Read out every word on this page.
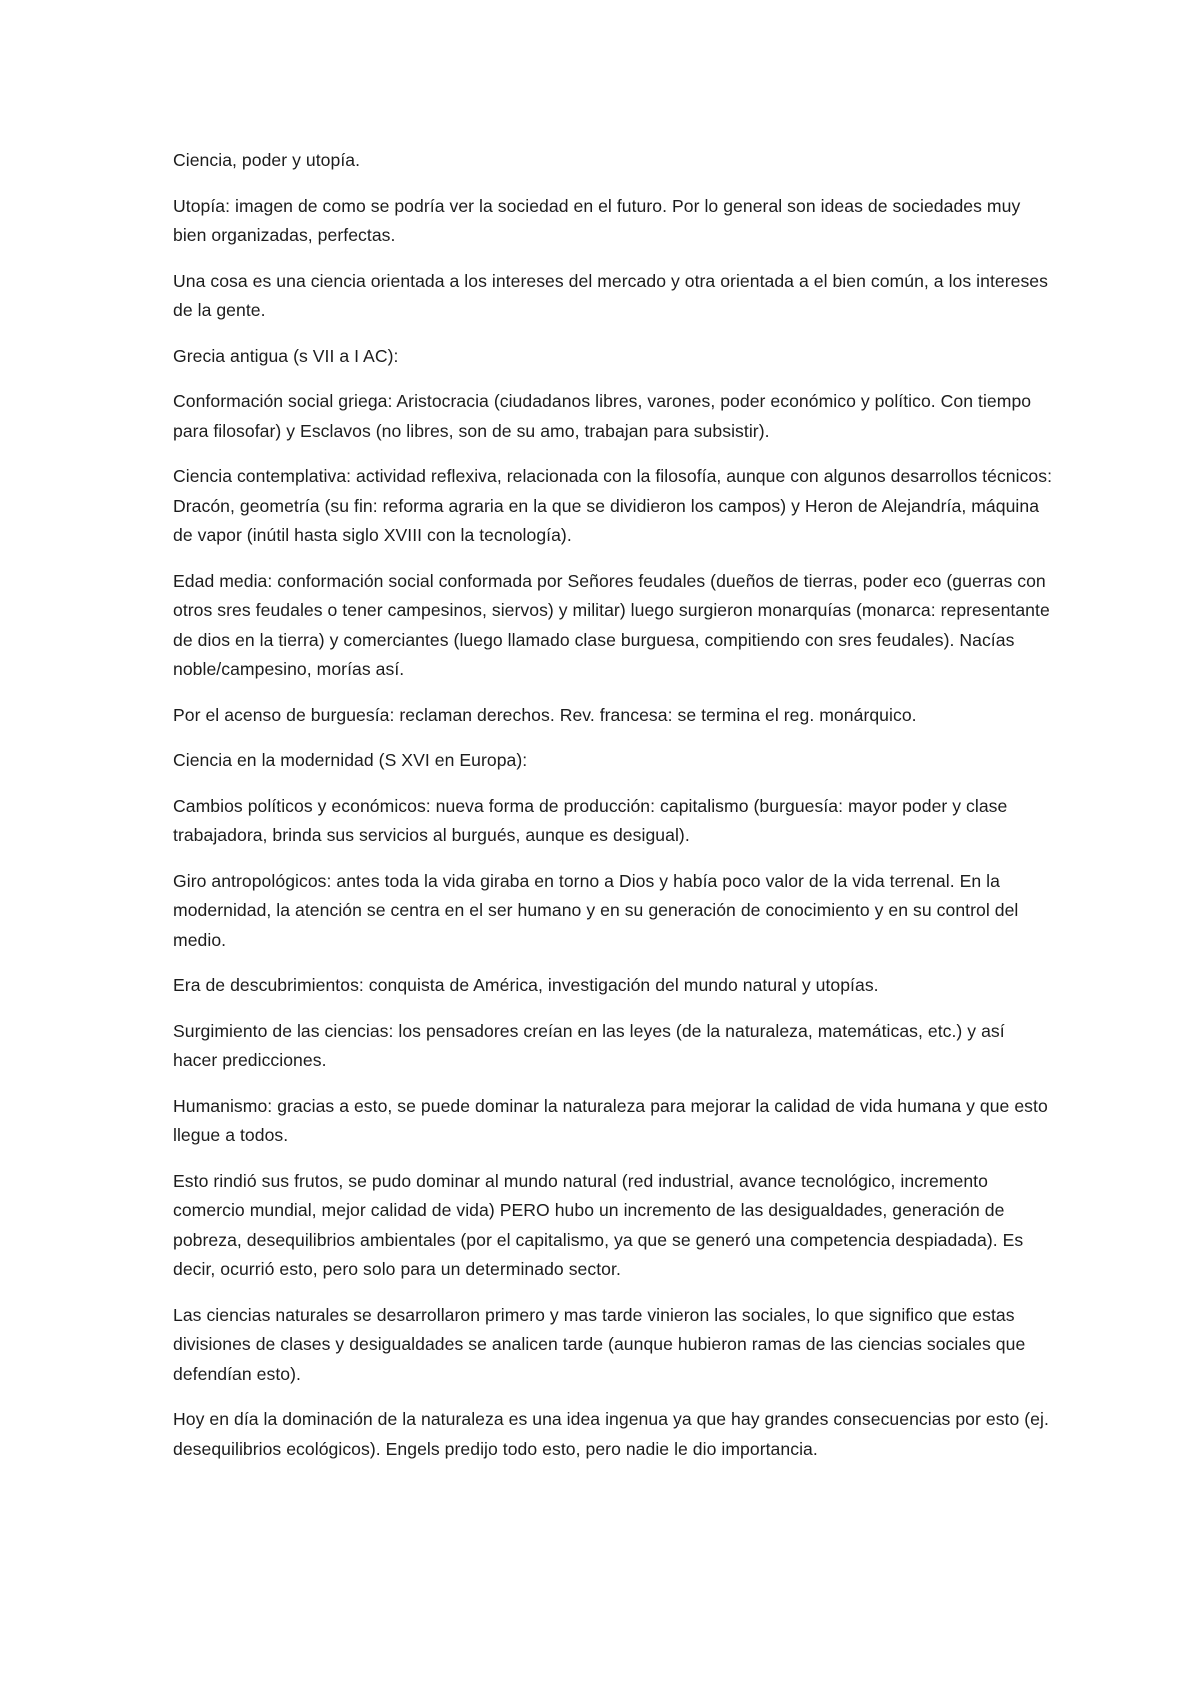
Ciencia, poder y utopía.

Utopía: imagen de como se podría ver la sociedad en el futuro. Por lo general son ideas de sociedades muy bien organizadas, perfectas.

Una cosa es una ciencia orientada a los intereses del mercado y otra orientada a el bien común, a los intereses de la gente.

Grecia antigua (s VII a I AC):

Conformación social griega: Aristocracia (ciudadanos libres, varones, poder económico y político. Con tiempo para filosofar) y Esclavos (no libres, son de su amo, trabajan para subsistir).

Ciencia contemplativa: actividad reflexiva, relacionada con la filosofía, aunque con algunos desarrollos técnicos: Dracón, geometría (su fin: reforma agraria en la que se dividieron los campos) y Heron de Alejandría, máquina de vapor (inútil hasta siglo XVIII con la tecnología).

Edad media: conformación social conformada por Señores feudales (dueños de tierras, poder eco (guerras con otros sres feudales o tener campesinos, siervos) y militar) luego surgieron monarquías (monarca: representante de dios en la tierra) y comerciantes (luego llamado clase burguesa, compitiendo con sres feudales). Nacías noble/campesino, morías así.

Por el acenso de burguesía: reclaman derechos. Rev. francesa: se termina el reg. monárquico.

Ciencia en la modernidad (S XVI en Europa):

Cambios políticos y económicos: nueva forma de producción: capitalismo (burguesía: mayor poder y clase trabajadora, brinda sus servicios al burgués, aunque es desigual).

Giro antropológicos: antes toda la vida giraba en torno a Dios y había poco valor de la vida terrenal. En la modernidad, la atención se centra en el ser humano y en su generación de conocimiento y en su control del medio.

Era de descubrimientos: conquista de América, investigación del mundo natural y utopías.

Surgimiento de las ciencias: los pensadores creían en las leyes (de la naturaleza, matemáticas, etc.) y así hacer predicciones.

Humanismo: gracias a esto, se puede dominar la naturaleza para mejorar la calidad de vida humana y que esto llegue a todos.

Esto rindió sus frutos, se pudo dominar al mundo natural (red industrial, avance tecnológico, incremento comercio mundial, mejor calidad de vida) PERO hubo un incremento de las desigualdades, generación de pobreza, desequilibrios ambientales (por el capitalismo, ya que se generó una competencia despiadada). Es decir, ocurrió esto, pero solo para un determinado sector.

Las ciencias naturales se desarrollaron primero y mas tarde vinieron las sociales, lo que significo que estas divisiones de clases y desigualdades se analicen tarde (aunque hubieron ramas de las ciencias sociales que defendían esto).

Hoy en día la dominación de la naturaleza es una idea ingenua ya que hay grandes consecuencias por esto (ej. desequilibrios ecológicos). Engels predijo todo esto, pero nadie le dio importancia.
